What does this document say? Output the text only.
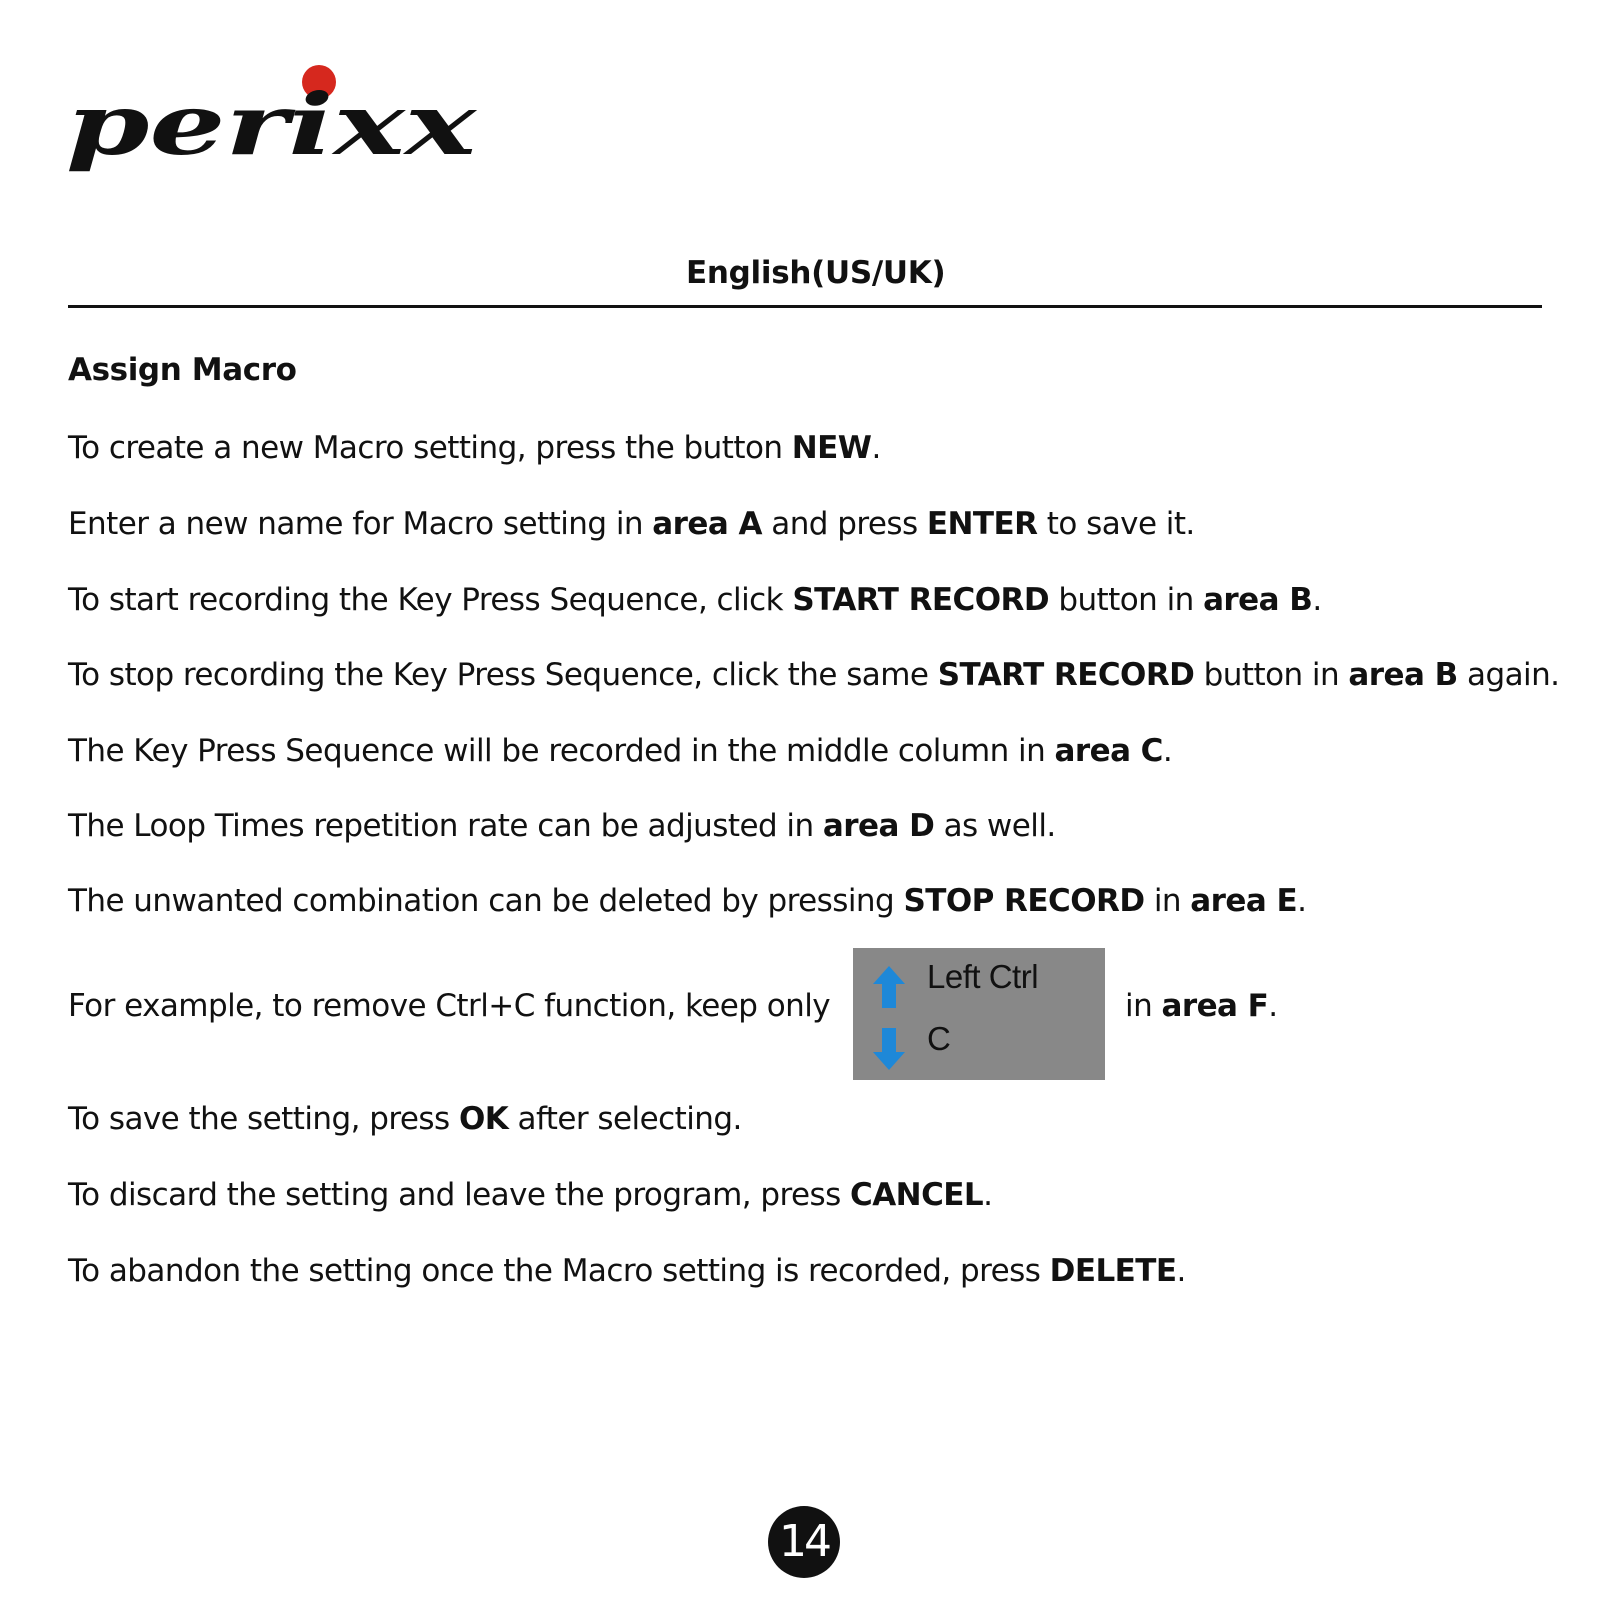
perixx
English(US/UK)
Assign Macro
To create a new Macro setting, press the button NEW.
Enter a new name for Macro setting in area A and press ENTER to save it.
To start recording the Key Press Sequence, click START RECORD button in area B.
To stop recording the Key Press Sequence, click the same START RECORD button in area B again.
The Key Press Sequence will be recorded in the middle column in area C.
The Loop Times repetition rate can be adjusted in area D as well.
The unwanted combination can be deleted by pressing STOP RECORD in area E.
For example, to remove Ctrl+C function, keep only
Left Ctrl
C
in area F.
To save the setting, press OK after selecting.
To discard the setting and leave the program, press CANCEL.
To abandon the setting once the Macro setting is recorded, press DELETE.
14
